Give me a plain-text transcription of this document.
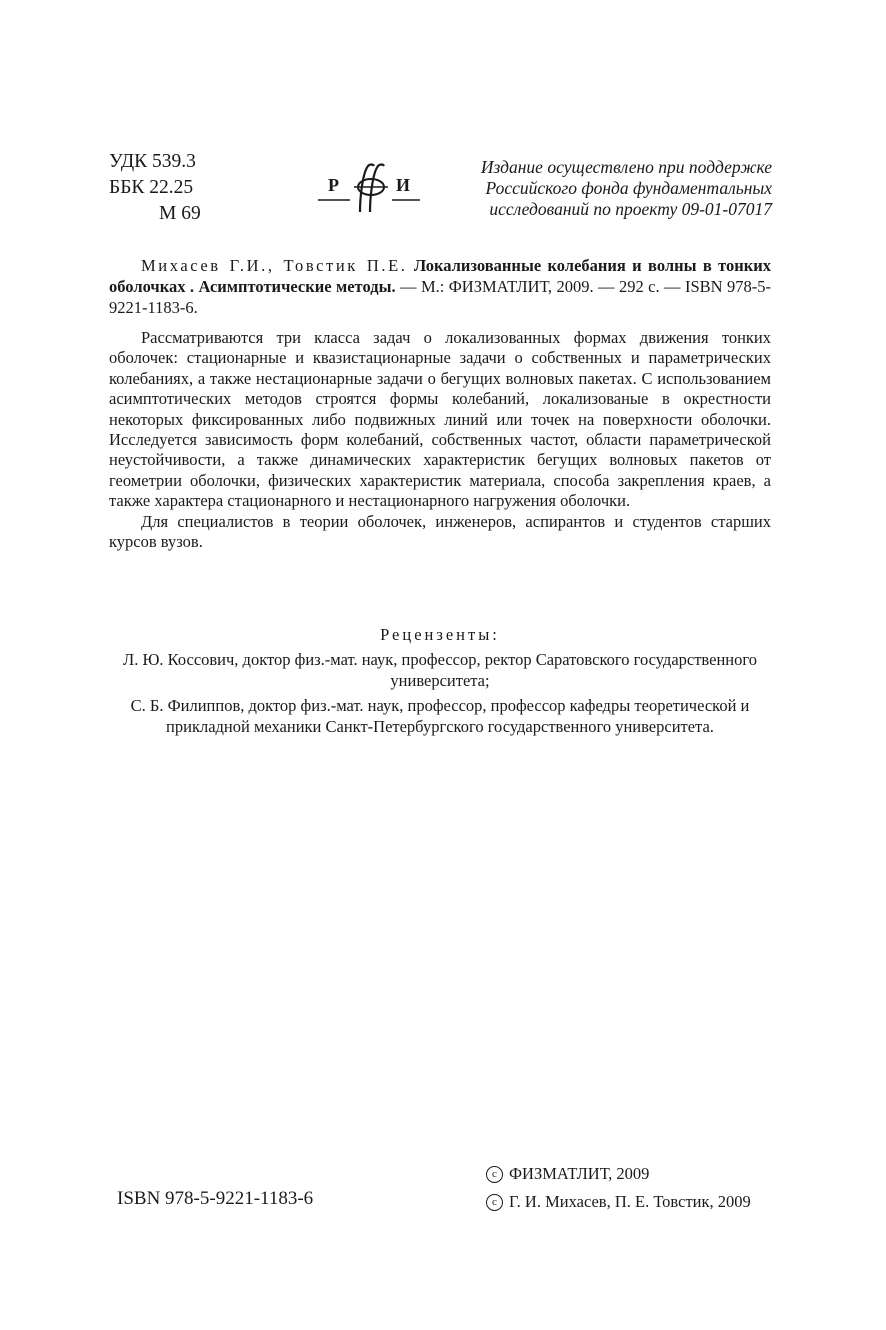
УДК 539.3
ББК 22.25
М 69
Р	И
Издание осуществлено при поддержке Российского фонда фундаментальных исследований по проекту 09-01-07017
Михасев Г.И., Товстик П.Е. Локализованные колебания и волны в тонких оболочках . Асимптотические методы. — М.: ФИЗМАТЛИТ, 2009. — 292 с. — ISBN 978-5-9221-1183-6.

Рассматриваются три класса задач о локализованных формах движения тонких оболочек: стационарные и квазистационарные задачи о собственных и параметрических колебаниях, а также нестационарные задачи о бегущих волновых пакетах. С использованием асимптотических методов строятся формы колебаний, локализованые в окрестности некоторых фиксированных либо подвижных линий или точек на поверхности оболочки. Исследуется зависимость форм колебаний, собственных частот, области параметрической неустойчивости, а также динамических характеристик бегущих волновых пакетов от геометрии оболочки, физических характеристик материала, способа закрепления краев, а также характера стационарного и нестационарного нагружения оболочки.

Для специалистов в теории оболочек, инженеров, аспирантов и студентов старших курсов вузов.

Рецензенты:

Л. Ю. Коссович, доктор физ.-мат. наук, профессор, ректор Саратовского государственного университета;

С. Б. Филиппов, доктор физ.-мат. наук, профессор, профессор кафедры теоретической и прикладной механики Санкт-Петербургского государственного университета.

ISBN 978-5-9221-1183-6
c ФИЗМАТЛИТ, 2009
c Г. И. Михасев, П. Е. Товстик, 2009
